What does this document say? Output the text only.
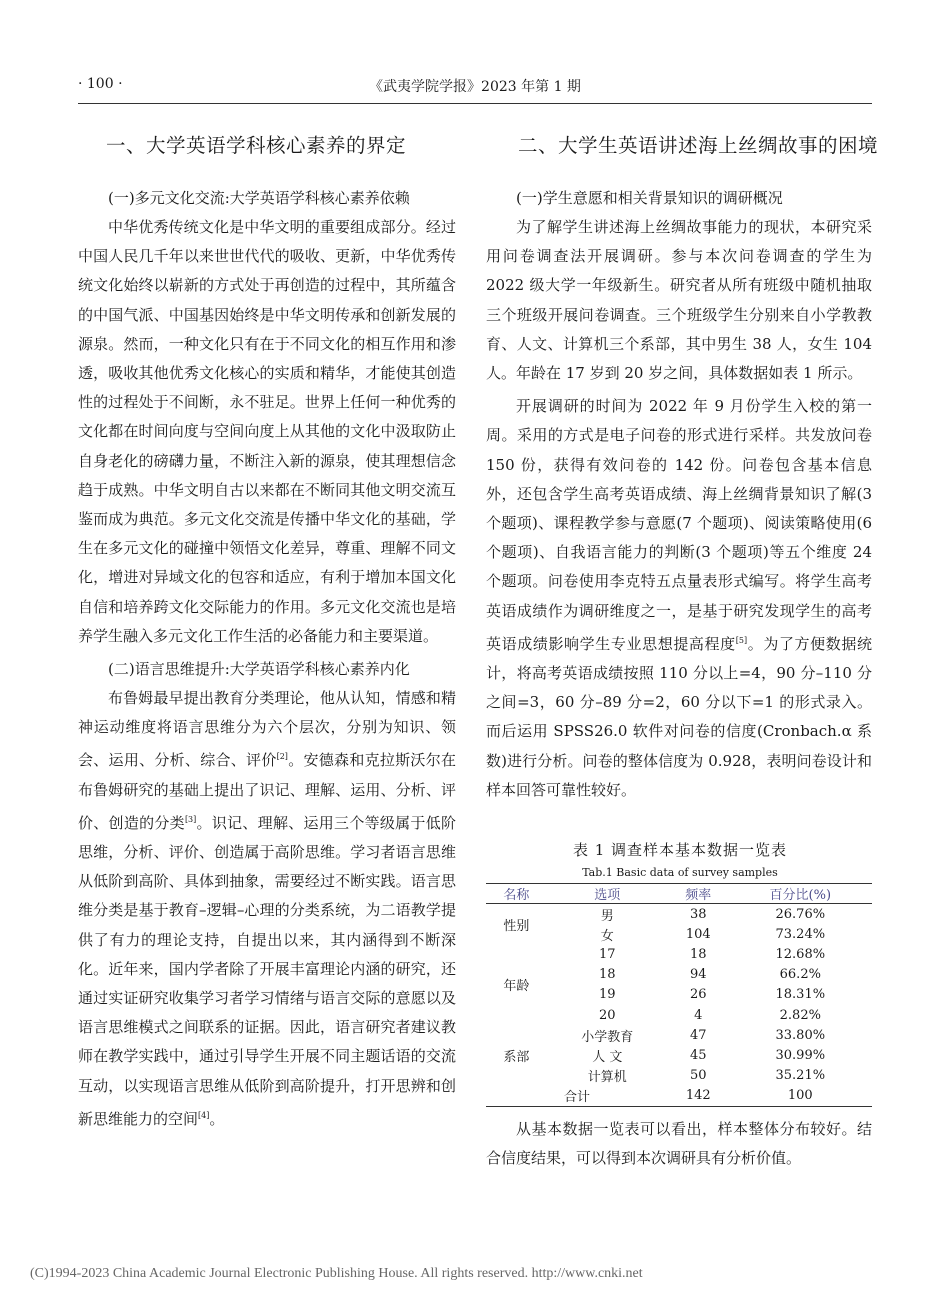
· 100 ·	《武夷学院学报》2023 年第 1 期
一、大学英语学科核心素养的界定
(一)多元文化交流:大学英语学科核心素养依赖

中华优秀传统文化是中华文明的重要组成部分。经过中国人民几千年以来世世代代的吸收、更新，中华优秀传统文化始终以崭新的方式处于再创造的过程中，其所蕴含的中国气派、中国基因始终是中华文明传承和创新发展的源泉。然而，一种文化只有在于不同文化的相互作用和渗透，吸收其他优秀文化核心的实质和精华，才能使其创造性的过程处于不间断，永不驻足。世界上任何一种优秀的文化都在时间向度与空间向度上从其他的文化中汲取防止自身老化的磅礴力量，不断注入新的源泉，使其理想信念趋于成熟。中华文明自古以来都在不断同其他文明交流互鉴而成为典范。多元文化交流是传播中华文化的基础，学生在多元文化的碰撞中领悟文化差异，尊重、理解不同文化，增进对异域文化的包容和适应，有利于增加本国文化自信和培养跨文化交际能力的作用。多元文化交流也是培养学生融入多元文化工作生活的必备能力和主要渠道。

(二)语言思维提升:大学英语学科核心素养内化

布鲁姆最早提出教育分类理论，他从认知，情感和精神运动维度将语言思维分为六个层次，分别为知识、领会、运用、分析、综合、评价[2]。安德森和克拉斯沃尔在布鲁姆研究的基础上提出了识记、理解、运用、分析、评价、创造的分类[3]。识记、理解、运用三个等级属于低阶思维，分析、评价、创造属于高阶思维。学习者语言思维从低阶到高阶、具体到抽象，需要经过不断实践。语言思维分类是基于教育–逻辑–心理的分类系统，为二语教学提供了有力的理论支持，自提出以来，其内涵得到不断深化。近年来，国内学者除了开展丰富理论内涵的研究，还通过实证研究收集学习者学习情绪与语言交际的意愿以及语言思维模式之间联系的证据。因此，语言研究者建议教师在教学实践中，通过引导学生开展不同主题话语的交流互动，以实现语言思维从低阶到高阶提升，打开思辨和创新思维能力的空间[4]。

二、大学生英语讲述海上丝绸故事的困境
(一)学生意愿和相关背景知识的调研概况

为了解学生讲述海上丝绸故事能力的现状，本研究采用问卷调查法开展调研。参与本次问卷调查的学生为 2022 级大学一年级新生。研究者从所有班级中随机抽取三个班级开展问卷调查。三个班级学生分别来自小学教教育、人文、计算机三个系部，其中男生 38 人，女生 104 人。年龄在 17 岁到 20 岁之间，具体数据如表 1 所示。

开展调研的时间为 2022 年 9 月份学生入校的第一周。采用的方式是电子问卷的形式进行采样。共发放问卷 150 份，获得有效问卷的 142 份。问卷包含基本信息外，还包含学生高考英语成绩、海上丝绸背景知识了解(3 个题项)、课程教学参与意愿(7 个题项)、阅读策略使用(6 个题项)、自我语言能力的判断(3 个题项)等五个维度 24 个题项。问卷使用李克特五点量表形式编写。将学生高考英语成绩作为调研维度之一，是基于研究发现学生的高考英语成绩影响学生专业思想提高程度[5]。为了方便数据统计，将高考英语成绩按照 110 分以上=4，90 分–110 分之间=3，60 分–89 分=2，60 分以下=1 的形式录入。而后运用 SPSS26.0 软件对问卷的信度(Cronbach.α 系数)进行分析。问卷的整体信度为 0.928，表明问卷设计和样本回答可靠性较好。

表 1 调查样本基本数据一览表
Tab.1 Basic data of survey samples
名称	选项	频率	百分比(%)
性别	男	38	26.76%
	女	104	73.24%
年龄	17	18	12.68%
	18	94	66.2%
	19	26	18.31%
	20	4	2.82%
系部	小学教育	47	33.80%
	人 文	45	30.99%
	计算机	50	35.21%
合计		142	100

从基本数据一览表可以看出，样本整体分布较好。结合信度结果，可以得到本次调研具有分析价值。

(C)1994-2023 China Academic Journal Electronic Publishing House. All rights reserved. http://www.cnki.net
